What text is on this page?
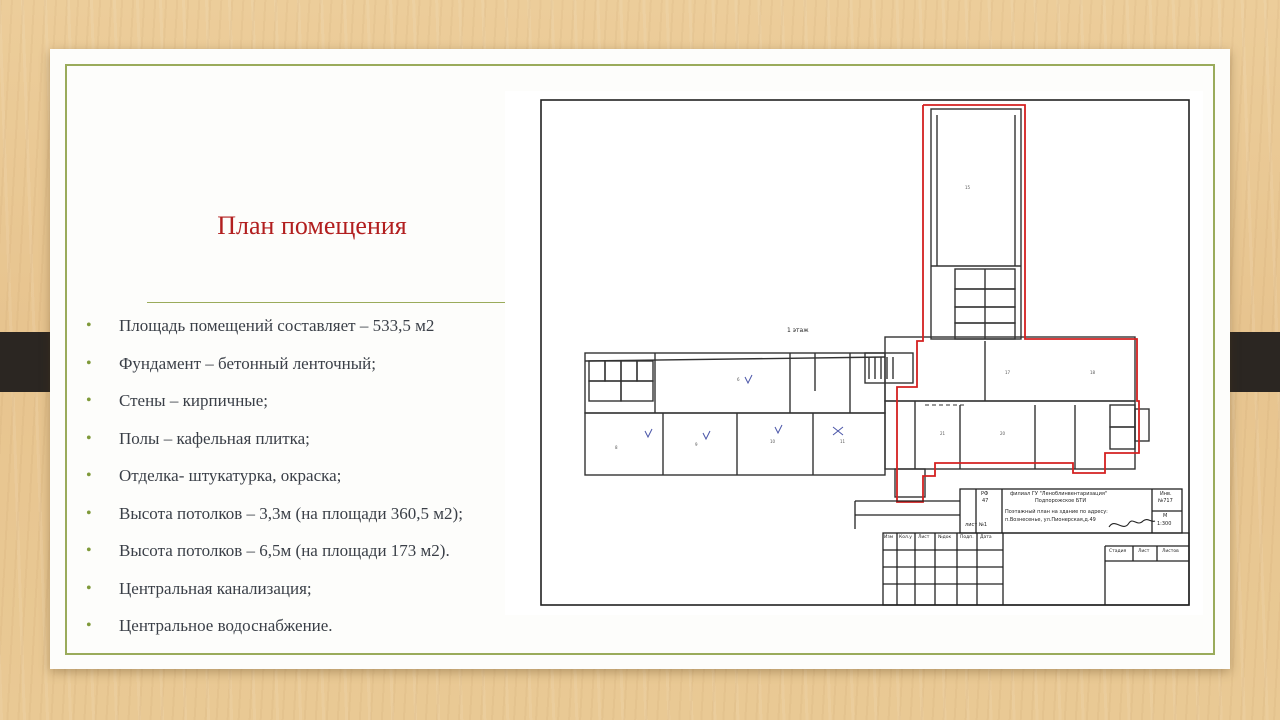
План помещения
• Площадь помещений составляет – 533,5 м2
• Фундамент – бетонный ленточный;
• Стены – кирпичные;
• Полы – кафельная плитка;
• Отделка- штукатурка, окраска;
• Высота потолков – 3,3м (на площади 360,5 м2);
• Высота потолков – 6,5м (на площади 173 м2).
• Центральная канализация;
• Центральное водоснабжение.
15
6
8
9
10	11
17	18
20
21
1 этаж
филиал ГУ "Леноблинвентаризация"
Подпорожское БТИ
Поэтажный план на здание по адресу:
п.Вознесенье, ул.Пионерская,д.49
Инв.
№717
М
1:300
РФ
47
лист №1
Изм Кол.у Лист №док Подп. Дата
Стадия	Лист	Листов
